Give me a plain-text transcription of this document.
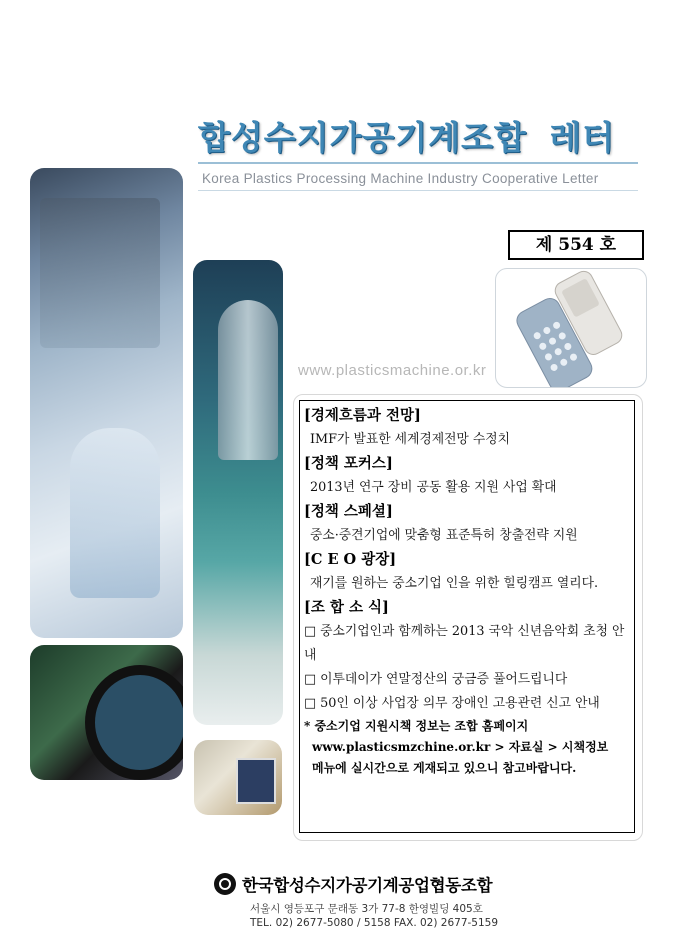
합성수지가공기계조합 레터
Korea Plastics Processing Machine Industry Cooperative Letter
www.plasticsmachine.or.kr
제 554 호
[경제흐름과 전망]
IMF가 발표한 세계경제전망 수정치
[정책 포커스]
2013년 연구 장비 공동 활용 지원 사업 확대
[정책 스페셜]
중소·중견기업에 맞춤형 표준특허 창출전략 지원
[C E O 광장]
재기를 원하는 중소기업 인을 위한 힐링캠프 열리다.
[조 합 소 식]
□ 중소기업인과 함께하는 2013 국악 신년음악회 초청 안내
□ 이투데이가 연말정산의 궁금증 풀어드립니다
□ 50인 이상 사업장 의무 장애인 고용관련 신고 안내
* 중소기업 지원시책 정보는 조합 홈페이지
www.plasticsmzchine.or.kr > 자료실 > 시책정보
메뉴에 실시간으로 게재되고 있으니 참고바랍니다.
한국합성수지가공기계공업협동조합
서울시 영등포구 문래동 3가 77-8 한영빌딩 405호
TEL. 02) 2677-5080 / 5158 FAX. 02) 2677-5159
